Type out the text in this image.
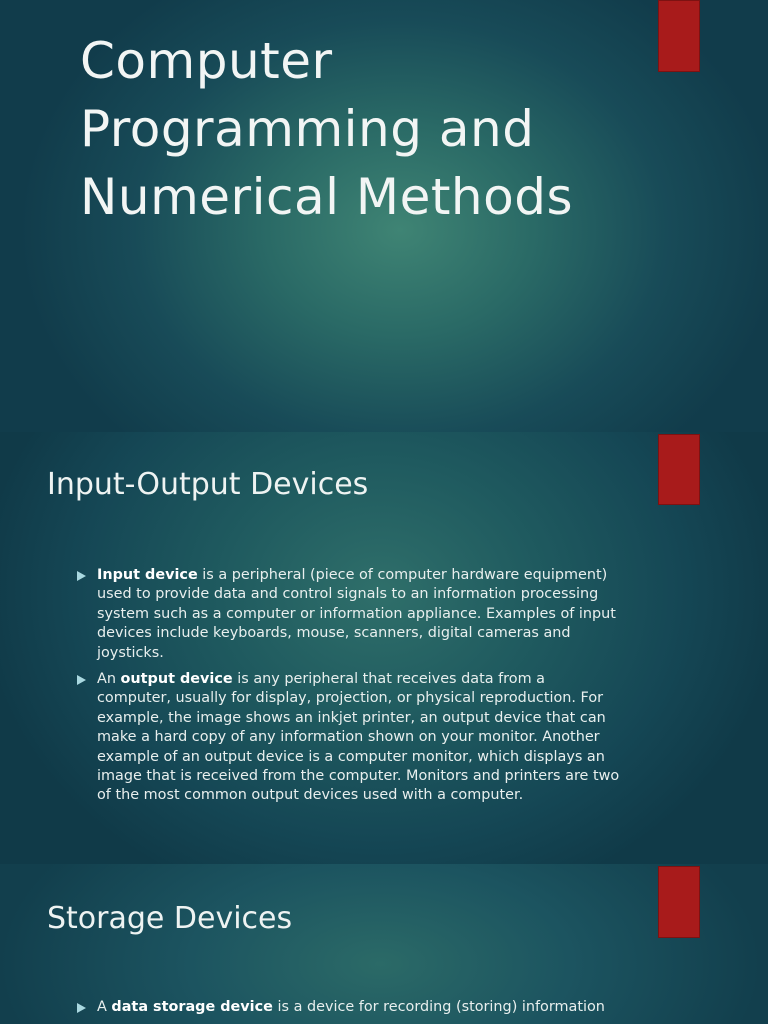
Computer Programming and Numerical Methods
Input-Output Devices
Input device is a peripheral (piece of computer hardware equipment) used to provide data and control signals to an information processing system such as a computer or information appliance. Examples of input devices include keyboards, mouse, scanners, digital cameras and joysticks.
An output device is any peripheral that receives data from a computer, usually for display, projection, or physical reproduction. For example, the image shows an inkjet printer, an output device that can make a hard copy of any information shown on your monitor. Another example of an output device is a computer monitor, which displays an image that is received from the computer. Monitors and printers are two of the most common output devices used with a computer.
Storage Devices
A data storage device is a device for recording (storing) information
